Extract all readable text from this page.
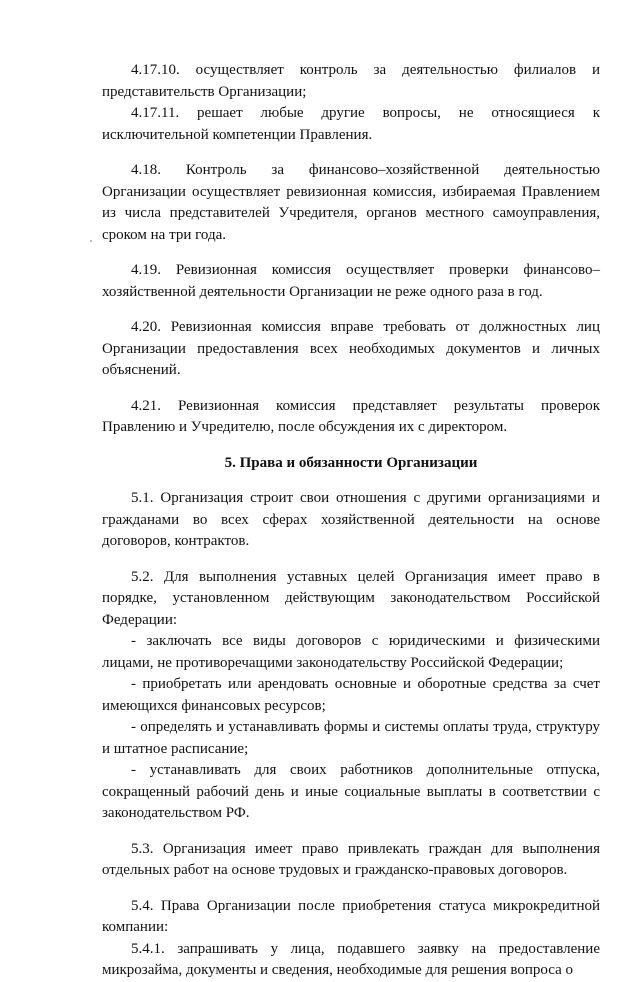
4.17.10. осуществляет контроль за деятельностью филиалов и представительств Организации;

4.17.11. решает любые другие вопросы, не относящиеся к исключительной компетенции Правления.

4.18. Контроль за финансово–хозяйственной деятельностью Организации осуществляет ревизионная комиссия, избираемая Правлением из числа представителей Учредителя, органов местного самоуправления, сроком на три года.

4.19. Ревизионная комиссия осуществляет проверки финансово–хозяйственной деятельности Организации не реже одного раза в год.

4.20. Ревизионная комиссия вправе требовать от должностных лиц Организации предоставления всех необходимых документов и личных объяснений.

4.21. Ревизионная комиссия представляет результаты проверок Правлению и Учредителю, после обсуждения их с директором.

5. Права и обязанности Организации

5.1. Организация строит свои отношения с другими организациями и гражданами во всех сферах хозяйственной деятельности на основе договоров, контрактов.

5.2. Для выполнения уставных целей Организация имеет право в порядке, установленном действующим законодательством Российской Федерации:

- заключать все виды договоров с юридическими и физическими лицами, не противоречащими законодательству Российской Федерации;

- приобретать или арендовать основные и оборотные средства за счет имеющихся финансовых ресурсов;

- определять и устанавливать формы и системы оплаты труда, структуру и штатное расписание;

- устанавливать для своих работников дополнительные отпуска, сокращенный рабочий день и иные социальные выплаты в соответствии с законодательством РФ.

5.3. Организация имеет право привлекать граждан для выполнения отдельных работ на основе трудовых и гражданско-правовых договоров.

5.4. Права Организации после приобретения статуса микрокредитной компании:

5.4.1. запрашивать у лица, подавшего заявку на предоставление микрозайма, документы и сведения, необходимые для решения вопроса о
